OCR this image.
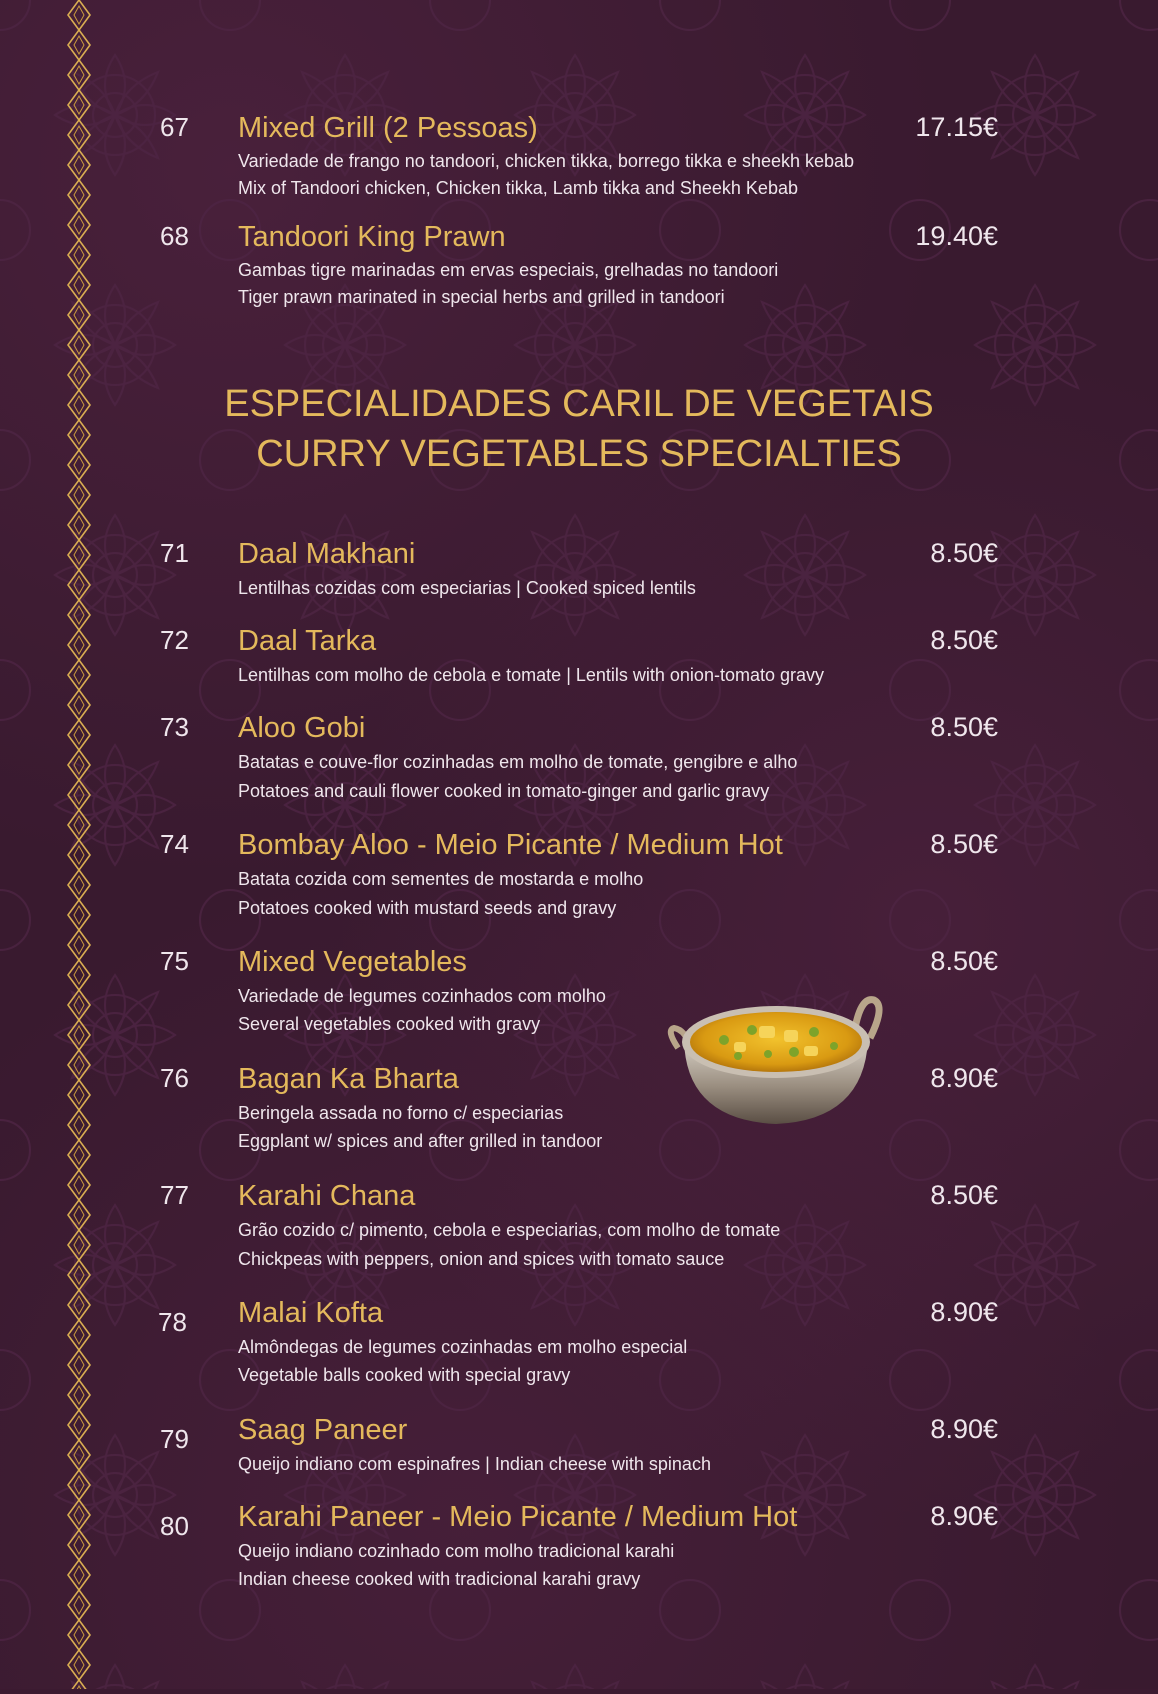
67 Mixed Grill (2 Pessoas)	17.15€
Variedade de frango no tandoori, chicken tikka, borrego tikka e sheekh kebab
Mix of Tandoori chicken, Chicken tikka, Lamb tikka and Sheekh Kebab
68 Tandoori King Prawn	19.40€
Gambas tigre marinadas em ervas especiais, grelhadas no tandoori
Tiger prawn marinated in special herbs and grilled in tandoori
ESPECIALIDADES CARIL DE VEGETAIS
CURRY VEGETABLES SPECIALTIES
71 Daal Makhani	8.50€
Lentilhas cozidas com especiarias | Cooked spiced lentils
72 Daal Tarka	8.50€
Lentilhas com molho de cebola e tomate | Lentils with onion-tomato gravy
73 Aloo Gobi	8.50€
Batatas e couve-flor cozinhadas em molho de tomate, gengibre e alho
Potatoes and cauli flower cooked in tomato-ginger and garlic gravy
74 Bombay Aloo - Meio Picante / Medium Hot	8.50€
Batata cozida com sementes de mostarda e molho
Potatoes cooked with mustard seeds and gravy
75 Mixed Vegetables	8.50€
Variedade de legumes cozinhados com molho
Several vegetables cooked with gravy
76 Bagan Ka Bharta	8.90€
Beringela assada no forno c/ especiarias
Eggplant w/ spices and after grilled in tandoor
77 Karahi Chana	8.50€
Grão cozido c/ pimento, cebola e especiarias, com molho de tomate
Chickpeas with peppers, onion and spices with tomato sauce
78 Malai Kofta	8.90€
Almôndegas de legumes cozinhadas em molho especial
Vegetable balls cooked with special gravy
79 Saag Paneer	8.90€
Queijo indiano com espinafres | Indian cheese with spinach
80 Karahi Paneer - Meio Picante / Medium Hot	8.90€
Queijo indiano cozinhado com molho tradicional karahi
Indian cheese cooked with tradicional karahi gravy
